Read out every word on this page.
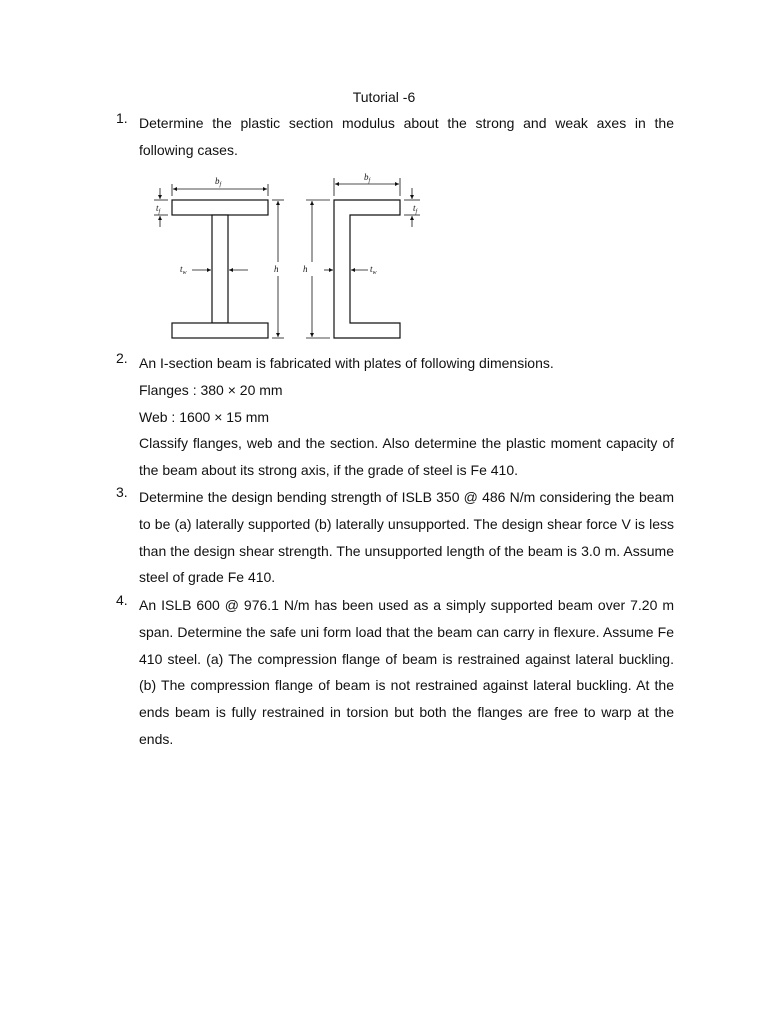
Tutorial -6
1. Determine the plastic section modulus about the strong and weak axes in the following cases.
$b_f$
$t_f$
$t_w$	h	h
$b_f$
$t_f$
$t_w$
2. An I-section beam is fabricated with plates of following dimensions.
Flanges : 380 × 20 mm
Web : 1600 × 15 mm
Classify flanges, web and the section. Also determine the plastic moment capacity of the beam about its strong axis, if the grade of steel is Fe 410.
3. Determine the design bending strength of ISLB 350 @ 486 N/m considering the beam to be (a) laterally supported (b) laterally unsupported. The design shear force V is less than the design shear strength. The unsupported length of the beam is 3.0 m. Assume steel of grade Fe 410.
4. An ISLB 600 @ 976.1 N/m has been used as a simply supported beam over 7.20 m span. Determine the safe uni form load that the beam can carry in flexure. Assume Fe 410 steel. (a) The compression flange of beam is restrained against lateral buckling. (b) The compression flange of beam is not restrained against lateral buckling. At the ends beam is fully restrained in torsion but both the flanges are free to warp at the ends.
